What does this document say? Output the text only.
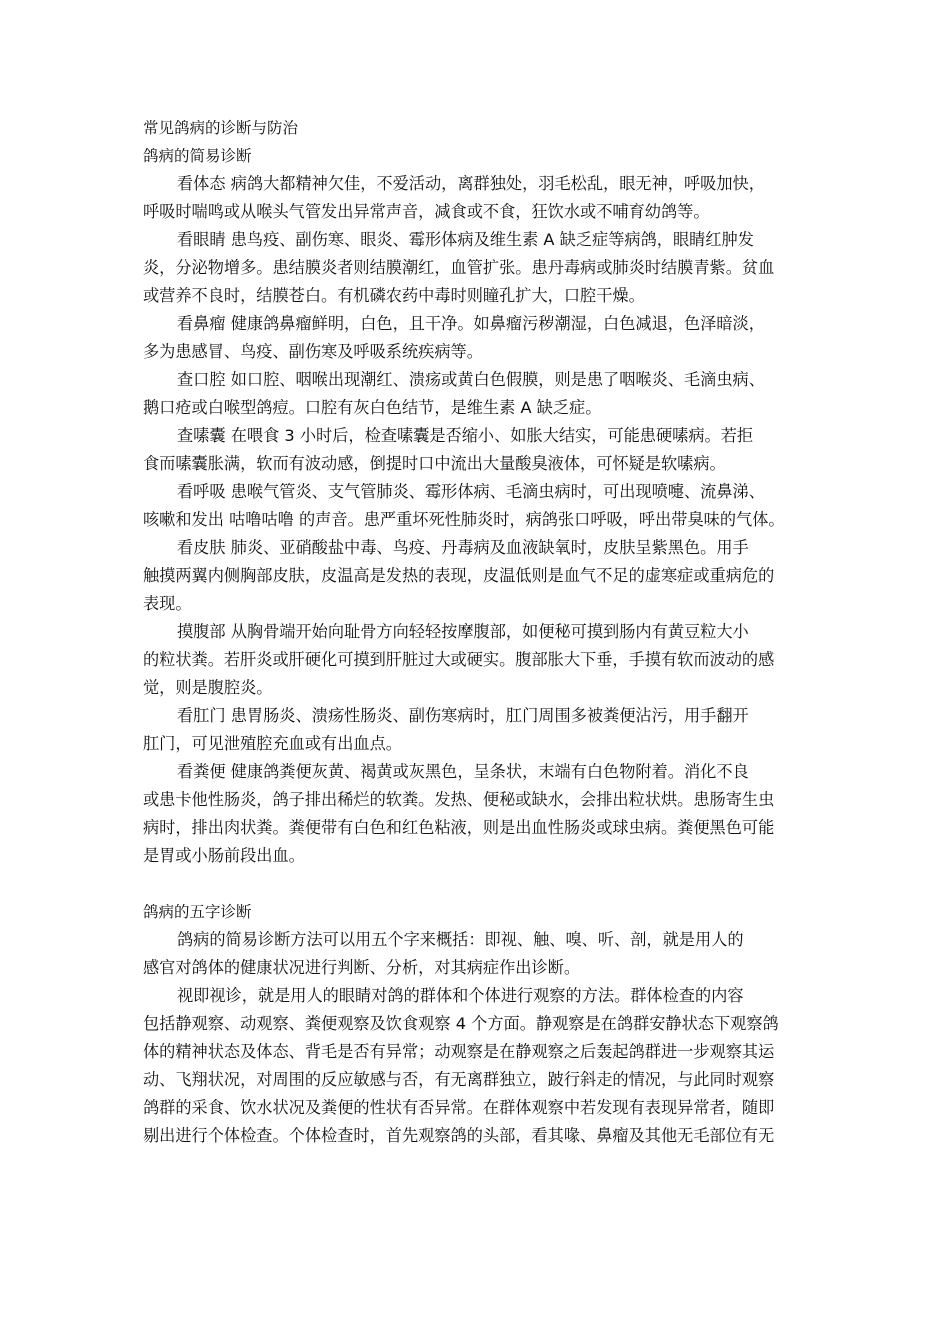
常见鸽病的诊断与防治
鸽病的简易诊断
看体态 病鸽大都精神欠佳，不爱活动，离群独处，羽毛松乱，眼无神，呼吸加快，
呼吸时喘鸣或从喉头气管发出异常声音，减食或不食，狂饮水或不哺育幼鸽等。
看眼睛 患鸟疫、副伤寒、眼炎、霉形体病及维生素 A 缺乏症等病鸽，眼睛红肿发
炎，分泌物增多。患结膜炎者则结膜潮红，血管扩张。患丹毒病或肺炎时结膜青紫。贫血
或营养不良时，结膜苍白。有机磷农药中毒时则瞳孔扩大，口腔干燥。
看鼻瘤 健康鸽鼻瘤鲜明，白色，且干净。如鼻瘤污秽潮湿，白色减退，色泽暗淡，
多为患感冒、鸟疫、副伤寒及呼吸系统疾病等。
查口腔 如口腔、咽喉出现潮红、溃疡或黄白色假膜，则是患了咽喉炎、毛滴虫病、
鹅口疮或白喉型鸽痘。口腔有灰白色结节，是维生素 A 缺乏症。
查嗉囊 在喂食 3 小时后，检查嗉囊是否缩小、如胀大结实，可能患硬嗉病。若拒
食而嗉囊胀满，软而有波动感，倒提时口中流出大量酸臭液体，可怀疑是软嗉病。
看呼吸 患喉气管炎、支气管肺炎、霉形体病、毛滴虫病时，可出现喷嚏、流鼻涕、
咳嗽和发出 咕噜咕噜 的声音。患严重坏死性肺炎时，病鸽张口呼吸，呼出带臭味的气体。
看皮肤 肺炎、亚硝酸盐中毒、鸟疫、丹毒病及血液缺氧时，皮肤呈紫黑色。用手
触摸两翼内侧胸部皮肤，皮温高是发热的表现，皮温低则是血气不足的虚寒症或重病危的
表现。
摸腹部 从胸骨端开始向耻骨方向轻轻按摩腹部，如便秘可摸到肠内有黄豆粒大小
的粒状粪。若肝炎或肝硬化可摸到肝脏过大或硬实。腹部胀大下垂，手摸有软而波动的感
觉，则是腹腔炎。
看肛门 患胃肠炎、溃疡性肠炎、副伤寒病时，肛门周围多被粪便沾污，用手翻开
肛门，可见泄殖腔充血或有出血点。
看粪便 健康鸽粪便灰黄、褐黄或灰黑色，呈条状，末端有白色物附着。消化不良
或患卡他性肠炎，鸽子排出稀烂的软粪。发热、便秘或缺水，会排出粒状烘。患肠寄生虫
病时，排出肉状粪。粪便带有白色和红色粘液，则是出血性肠炎或球虫病。粪便黑色可能
是胃或小肠前段出血。
鸽病的五字诊断
鸽病的简易诊断方法可以用五个字来概括：即视、触、嗅、听、剖，就是用人的
感官对鸽体的健康状况进行判断、分析，对其病症作出诊断。
视即视诊，就是用人的眼睛对鸽的群体和个体进行观察的方法。群体检查的内容
包括静观察、动观察、粪便观察及饮食观察 4 个方面。静观察是在鸽群安静状态下观察鸽
体的精神状态及体态、背毛是否有异常；动观察是在静观察之后轰起鸽群进一步观察其运
动、飞翔状况，对周围的反应敏感与否，有无离群独立，跛行斜走的情况，与此同时观察
鸽群的采食、饮水状况及粪便的性状有否异常。在群体观察中若发现有表现异常者，随即
剔出进行个体检查。个体检查时，首先观察鸽的头部，看其喙、鼻瘤及其他无毛部位有无
